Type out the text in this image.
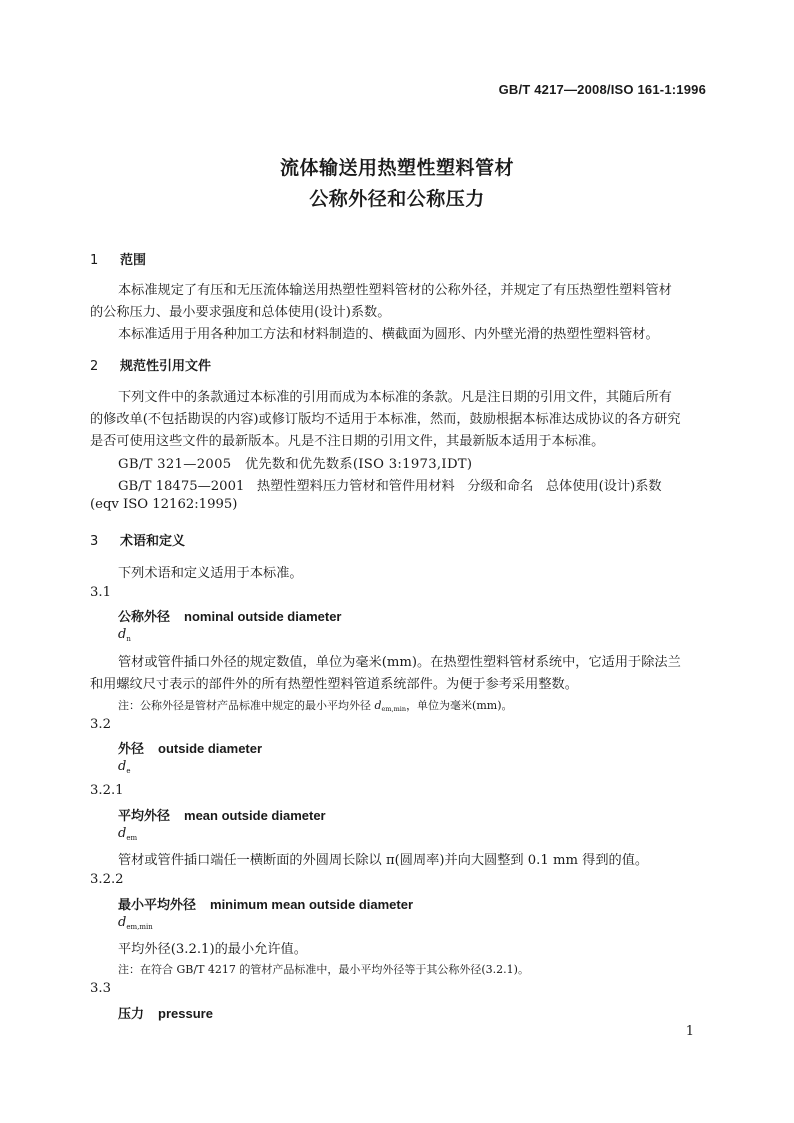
GB/T 4217—2008/ISO 161-1:1996
流体输送用热塑性塑料管材
公称外径和公称压力
1 范围
本标准规定了有压和无压流体输送用热塑性塑料管材的公称外径，并规定了有压热塑性塑料管材
的公称压力、最小要求强度和总体使用(设计)系数。
本标准适用于用各种加工方法和材料制造的、横截面为圆形、内外壁光滑的热塑性塑料管材。
2 规范性引用文件
下列文件中的条款通过本标准的引用而成为本标准的条款。凡是注日期的引用文件，其随后所有
的修改单(不包括勘误的内容)或修订版均不适用于本标准，然而，鼓励根据本标准达成协议的各方研究
是否可使用这些文件的最新版本。凡是不注日期的引用文件，其最新版本适用于本标准。
GB/T 321—2005   优先数和优先数系(ISO 3:1973,IDT)
GB/T 18475—2001   热塑性塑料压力管材和管件用材料   分级和命名   总体使用(设计)系数
(eqv ISO 12162:1995)
3 术语和定义
下列术语和定义适用于本标准。
3.1
公称外径 nominal outside diameter
$d_n$
管材或管件插口外径的规定数值，单位为毫米(mm)。在热塑性塑料管材系统中，它适用于除法兰
和用螺纹尺寸表示的部件外的所有热塑性塑料管道系统部件。为便于参考采用整数。
注：公称外径是管材产品标准中规定的最小平均外径 $d_{em,min}$，单位为毫米(mm)。
3.2
外径 outside diameter
$d_e$
3.2.1
平均外径 mean outside diameter
$d_{em}$
管材或管件插口端任一横断面的外圆周长除以 π(圆周率)并向大圆整到 0.1 mm 得到的值。
3.2.2
最小平均外径 minimum mean outside diameter
$d_{em,min}$
平均外径(3.2.1)的最小允许值。
注：在符合 GB/T 4217 的管材产品标准中，最小平均外径等于其公称外径(3.2.1)。
3.3
压力 pressure
1
